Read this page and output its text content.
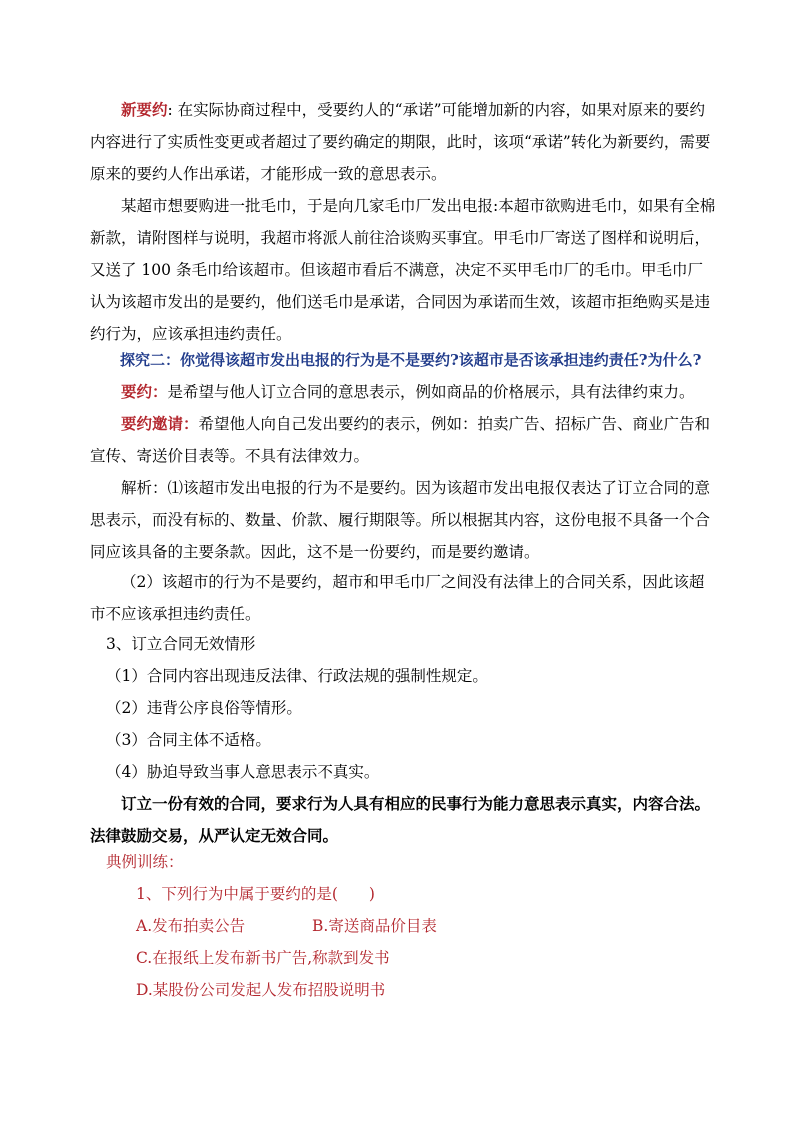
新要约: 在实际协商过程中，受要约人的“承诺”可能增加新的内容，如果对原来的要约内容进行了实质性变更或者超过了要约确定的期限，此时，该项“承诺”转化为新要约，需要原来的要约人作出承诺，才能形成一致的意思表示。

某超市想要购进一批毛巾，于是向几家毛巾厂发出电报:本超市欲购进毛巾，如果有全棉新款，请附图样与说明，我超市将派人前往洽谈购买事宜。甲毛巾厂寄送了图样和说明后，又送了 100 条毛巾给该超市。但该超市看后不满意，决定不买甲毛巾厂的毛巾。甲毛巾厂认为该超市发出的是要约，他们送毛巾是承诺，合同因为承诺而生效，该超市拒绝购买是违约行为，应该承担违约责任。

探究二：你觉得该超市发出电报的行为是不是要约?该超市是否该承担违约责任?为什么?

要约：是希望与他人订立合同的意思表示，例如商品的价格展示，具有法律约束力。

要约邀请：希望他人向自己发出要约的表示，例如：拍卖广告、招标广告、商业广告和宣传、寄送价目表等。不具有法律效力。

解析：⑴该超市发出电报的行为不是要约。因为该超市发出电报仅表达了订立合同的意思表示，而没有标的、数量、价款、履行期限等。所以根据其内容，这份电报不具备一个合同应该具备的主要条款。因此，这不是一份要约，而是要约邀请。

（2）该超市的行为不是要约，超市和甲毛巾厂之间没有法律上的合同关系，因此该超市不应该承担违约责任。

3、订立合同无效情形
（1）合同内容出现违反法律、行政法规的强制性规定。
（2）违背公序良俗等情形。
（3）合同主体不适格。
（4）胁迫导致当事人意思表示不真实。

订立一份有效的合同，要求行为人具有相应的民事行为能力意思表示真实，内容合法。法律鼓励交易，从严认定无效合同。

典例训练：
1、下列行为中属于要约的是(　　)
A.发布拍卖公告	B.寄送商品价目表
C.在报纸上发布新书广告,称款到发书
D.某股份公司发起人发布招股说明书
